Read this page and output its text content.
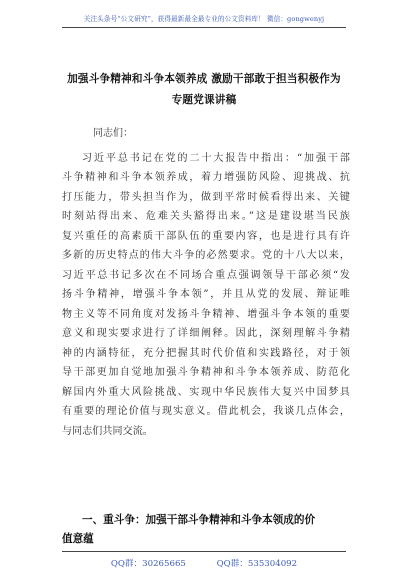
关注头条号“公文研究”，获得最新最全最专业的公文资料库！ 微信：gongwenyj
加强斗争精神和斗争本领养成 激励干部敢于担当积极作为
专题党课讲稿
同志们：
习近平总书记在党的二十大报告中指出：“加强干部
斗争精神和斗争本领养成，着力增强防风险、迎挑战、抗
打压能力，带头担当作为，做到平常时候看得出来、关键
时刻站得出来、危难关头豁得出来。”这是建设堪当民族
复兴重任的高素质干部队伍的重要内容，也是进行具有许
多新的历史特点的伟大斗争的必然要求。党的十八大以来，
习近平总书记多次在不同场合重点强调领导干部必须“发
扬斗争精神，增强斗争本领”，并且从党的发展、辩证唯
物主义等不同角度对发扬斗争精神、增强斗争本领的重要
意义和现实要求进行了详细阐释。因此，深刻理解斗争精
神的内涵特征，充分把握其时代价值和实践路径，对于领
导干部更加自觉地加强斗争精神和斗争本领养成、防范化
解国内外重大风险挑战、实现中华民族伟大复兴中国梦具
有重要的理论价值与现实意义。借此机会，我谈几点体会，
与同志们共同交流。
一、重斗争：加强干部斗争精神和斗争本领成的价
值意蕴
QQ群：30265665	QQ群：535304092
